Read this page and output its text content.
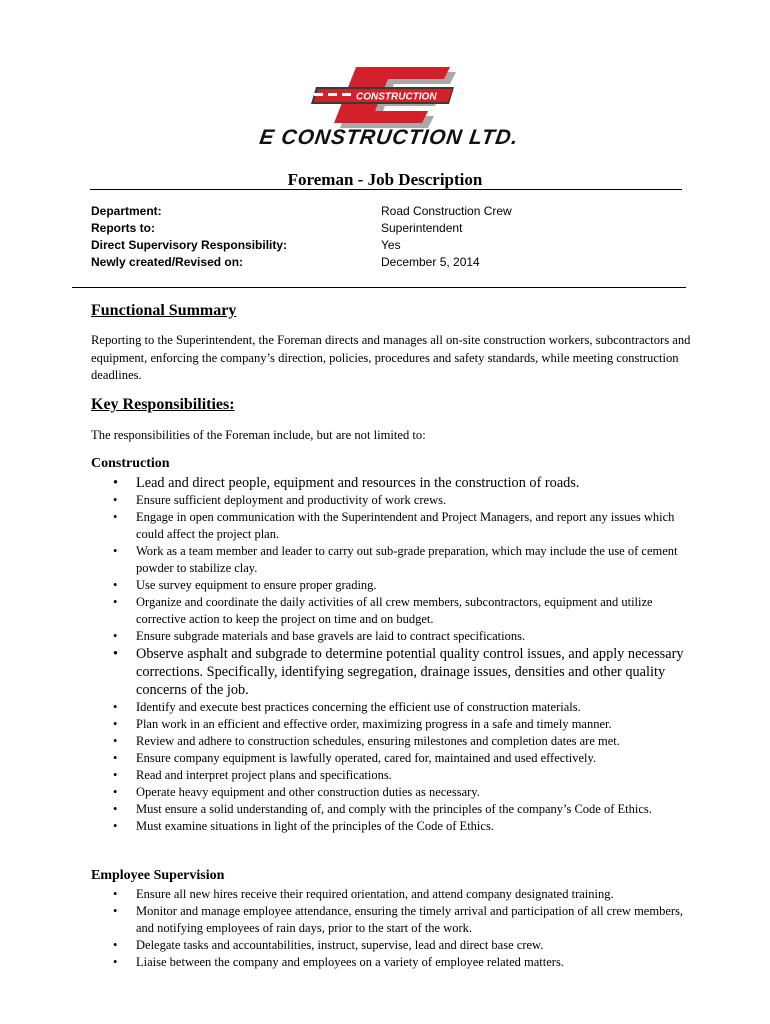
CONSTRUCTION
E CONSTRUCTION LTD.
Foreman - Job Description
Department:	Road Construction Crew
Reports to:	Superintendent
Direct Supervisory Responsibility:	Yes
Newly created/Revised on:	December 5, 2014
Functional Summary
Reporting to the Superintendent, the Foreman directs and manages all on-site construction workers, subcontractors and equipment, enforcing the company’s direction, policies, procedures and safety standards, while meeting construction deadlines.
Key Responsibilities:
The responsibilities of the Foreman include, but are not limited to:
Construction
• Lead and direct people, equipment and resources in the construction of roads.
• Ensure sufficient deployment and productivity of work crews.
• Engage in open communication with the Superintendent and Project Managers, and report any issues which could affect the project plan.
• Work as a team member and leader to carry out sub-grade preparation, which may include the use of cement powder to stabilize clay.
• Use survey equipment to ensure proper grading.
• Organize and coordinate the daily activities of all crew members, subcontractors, equipment and utilize corrective action to keep the project on time and on budget.
• Ensure subgrade materials and base gravels are laid to contract specifications.
• Observe asphalt and subgrade to determine potential quality control issues, and apply necessary corrections. Specifically, identifying segregation, drainage issues, densities and other quality concerns of the job.
• Identify and execute best practices concerning the efficient use of construction materials.
• Plan work in an efficient and effective order, maximizing progress in a safe and timely manner.
• Review and adhere to construction schedules, ensuring milestones and completion dates are met.
• Ensure company equipment is lawfully operated, cared for, maintained and used effectively.
• Read and interpret project plans and specifications.
• Operate heavy equipment and other construction duties as necessary.
• Must ensure a solid understanding of, and comply with the principles of the company’s Code of Ethics.
• Must examine situations in light of the principles of the Code of Ethics.
Employee Supervision
• Ensure all new hires receive their required orientation, and attend company designated training.
• Monitor and manage employee attendance, ensuring the timely arrival and participation of all crew members, and notifying employees of rain days, prior to the start of the work.
• Delegate tasks and accountabilities, instruct, supervise, lead and direct base crew.
• Liaise between the company and employees on a variety of employee related matters.
